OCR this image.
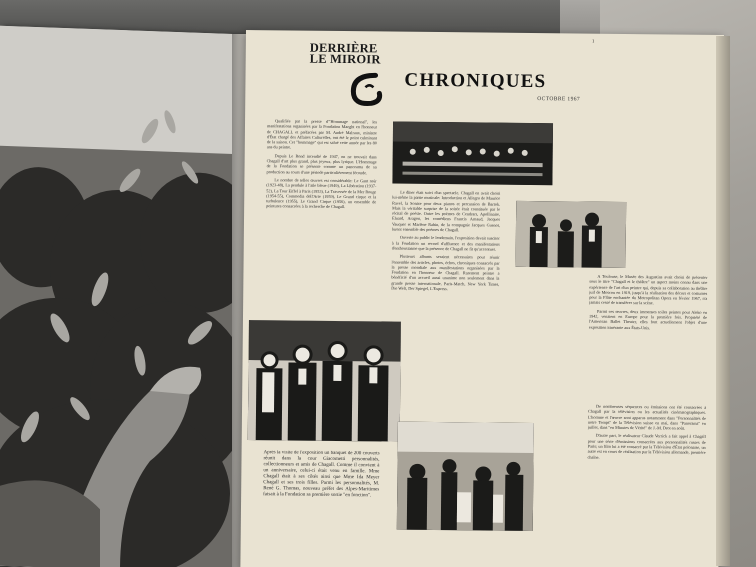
DERRIÈRE
LE MIROIR
1
CHRONIQUES
OCTOBRE 1967

Qualifiée par la presse d'"Hommage national", les manifestations organisées par la Fondation Maeght en l'honneur de CHAGALL et préfacées par M. André Malraux, ministre d'État chargé des Affaires Culturelles, ont été le point culminant de la saison. Cet "hommage" qui est salué cette année par les 80 ans du peintre.

Depuis Le Rond incendié de 1947, on ne trouvait dans Chagall d'art plus grand, plus joyeux, plus lyrique. L'Hommage de la Fondation se présente comme un panorama de sa production au cours d'une période particulièrement féconde.

Le nombre de telles œuvres est considérable: Le Gant noir (1923-48), La pendule à l'aile bleue (1949), La Libération (1937-52), La Tour Eiffel à Paris (1953), La Traversée de la Mer Rouge (1954-55), Commedia dell'Arte (1959), Le Grand cirque et la turbulence (1955), Le Grand Cirque (1956), un ensemble de peintures consacrées à la recherche de Chagall.

Le dîner était suivi d'un spectacle. Chagall en avait choisi lui-même la partie musicale: Introduction et Allegro de Maurice Ravel, la Sonate pour deux pianos et percussion de Bartok. Mais la véritable surprise de la soirée était constituée par le récital de poésie. Outre les poèmes de Cendrars, Apollinaire, Eluard, Aragon, les comédiens Francis Arnaud, Jacques Vauquer et Marlène Rabin, de la compagnie Jacques Guenot, lurent ensemble des poèmes de Chagall.

Ouverte au public le lendemain, l'exposition devait susciter à la Fondation un record d'affluence et des manifestations d'enthousiasme que la présence de Chagall ne fit qu'accentuer.

Plusieurs albums seraient nécessaires pour réunir l'ensemble des articles, photos, échos, chroniques consacrés par la presse mondiale aux manifestations organisées par la Fondation en l'honneur de Chagall. Rarement peintre a bénéficié d'un accueil aussi unanime non seulement dans la grande presse internationale, Paris-Match, New York Times, Die Welt, Der Spiegel, L'Express.

Après la visite de l'exposition un banquet de 200 couverts réunit dans la cour Giacometti personnalités, collectionneurs et amis de Chagall. Comme il convient à un anniversaire, celui-ci était venu en famille. Mme Chagall était à ses côtés ainsi que Mme Ida Meyer Chagall et ses trois filles. Parmi les personnalités, M. René G. Thomas, nouveau préfet des Alpes-Maritimes faisait à la Fondation sa première sortie "en fonction".

A Toulouse, le Musée des Augustins avait choisi de présenter sous le titre "Chagall et le théâtre" un aspect moins connu dans une expérience de l'art d'un peintre qui, depuis sa collaboration au théâtre juif de Moscou en 1919, jusqu'à la réalisation des décors et costumes pour la Flûte enchantée du Metropolitan Opera en février 1967, n'a jamais cessé de transférer sur la scène.

Parmi ces œuvres, deux immenses toiles peintes pour Aleko en 1942, venaient en Europe pour la première fois. Propriété de l'American Ballet Theater, elles font actuellement l'objet d'une exposition itinérante aux États-Unis.

De nombreuses séquences ou émissions ont été consacrées à Chagall par la télévision ou les actualités cinématographiques. L'homme et l'œuvre sont apparus notamment dans "Personnalités de notre Temps" de la Télévision suisse en mai, dans "Panorama" en juillet, dans "en Minutes de Vérité" de J.-M. Drot en août.

D'autre part, le réalisateur Claude Verrick a fait appel à Chagall pour une série d'émissions consacrées aux personnalités russes de Paris; un film lui a été consacré par la Télévision d'État polonaise, un autre est en cours de réalisation par la Télévision allemande, première chaîne.
